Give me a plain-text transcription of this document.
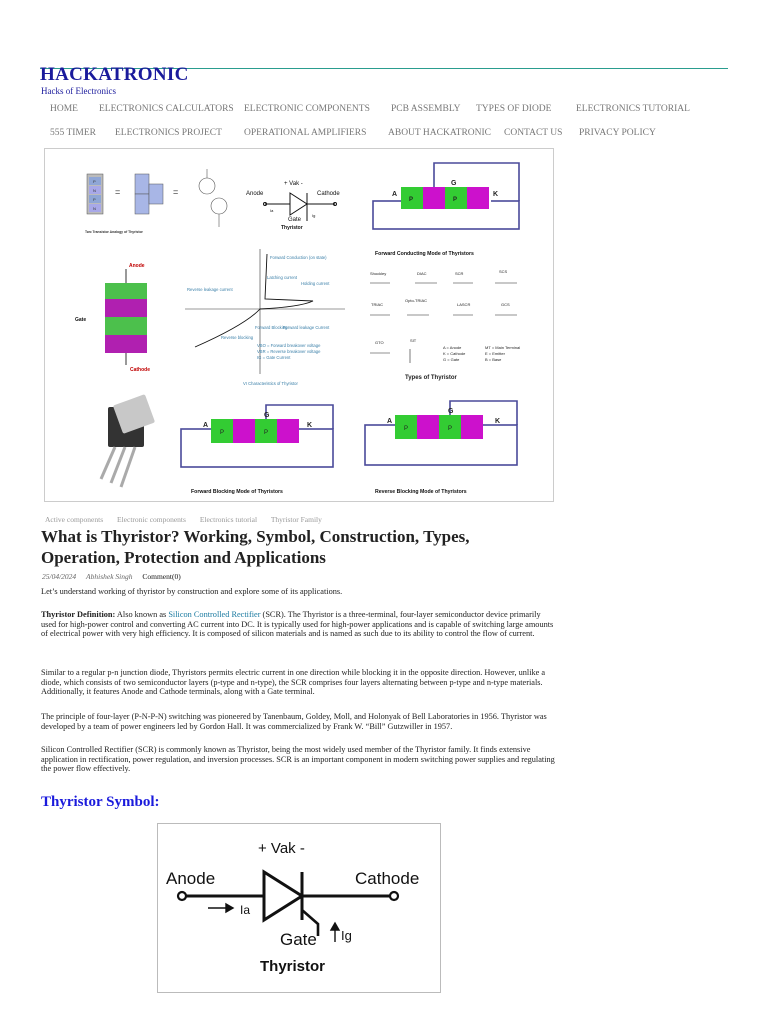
HACKATRONIC
Hacks of Electronics
HOME ELECTRONICS CALCULATORS ELECTRONIC COMPONENTS PCB ASSEMBLY TYPES OF DIODE	ELECTRONICS TUTORIAL
555 TIMER ELECTRONICS PROJECT OPERATIONAL AMPLIFIERS ABOUT HACKATRONIC CONTACT US PRIVACY POLICY
P
N
P
N
=	=
Two Transistor Analogy of Thyristor
Anode	Cathode
+ Vak -
Gate
Ia
Ig
Thyristor
A
G
K
P	P
Forward Conducting Mode of Thyristors
Anode
Gate
Cathode
Forward Conduction (on state)
Latching current
Holding current
Reverse leakage current
Forward leakage Current
Forward Blocking
Reverse blocking
VBO = Forward breakover voltage
VBR = Reverse breakover voltage
IG = Gate Current
VI Characteristics of Thyristor
Shockley	DIAC	SCR	SCS
TRIAC
Opto-TRIAC
LASCR	GCS
GTO	SIT
A = Anode
K = Cathode
G = Gate
MT = Main Terminal
E = Emitter
B = Base
Types of Thyristor
A
G
K
P	P
Forward Blocking Mode of Thyristors
A
G
K
P	P
Reverse Blocking Mode of Thyristors
Active components Electronic components Electronics tutorial Thyristor Family
What is Thyristor? Working, Symbol, Construction, Types, Operation, Protection and Applications
25/04/2024 Abhishek Singh Comment(0)

Let’s understand working of thyristor by construction and explore some of its applications.

Thyristor Definition: Also known as Silicon Controlled Rectifier (SCR). The Thyristor is a three-terminal, four-layer semiconductor device primarily used for high-power control and converting AC current into DC. It is typically used for high-power applications and is capable of switching large amounts of electrical power with very high efficiency. It is composed of silicon materials and is named as such due to its ability to control the flow of current.

Similar to a regular p-n junction diode, Thyristors permits electric current in one direction while blocking it in the opposite direction. However, unlike a diode, which consists of two semiconductor layers (p-type and n-type), the SCR comprises four layers alternating between p-type and n-type materials. Additionally, it features Anode and Cathode terminals, along with a Gate terminal.

The principle of four-layer (P-N-P-N) switching was pioneered by Tanenbaum, Goldey, Moll, and Holonyak of Bell Laboratories in 1956. Thyristor was developed by a team of power engineers led by Gordon Hall. It was commercialized by Frank W. “Bill” Gutzwiller in 1957.

Silicon Controlled Rectifier (SCR) is commonly known as Thyristor, being the most widely used member of the Thyristor family. It finds extensive application in rectification, power regulation, and inversion processes. SCR is an important component in modern switching power supplies and regulating the power flow effectively.

Thyristor Symbol:
+ Vak -
Anode	Cathode
Ia
Gate Ig
Thyristor
